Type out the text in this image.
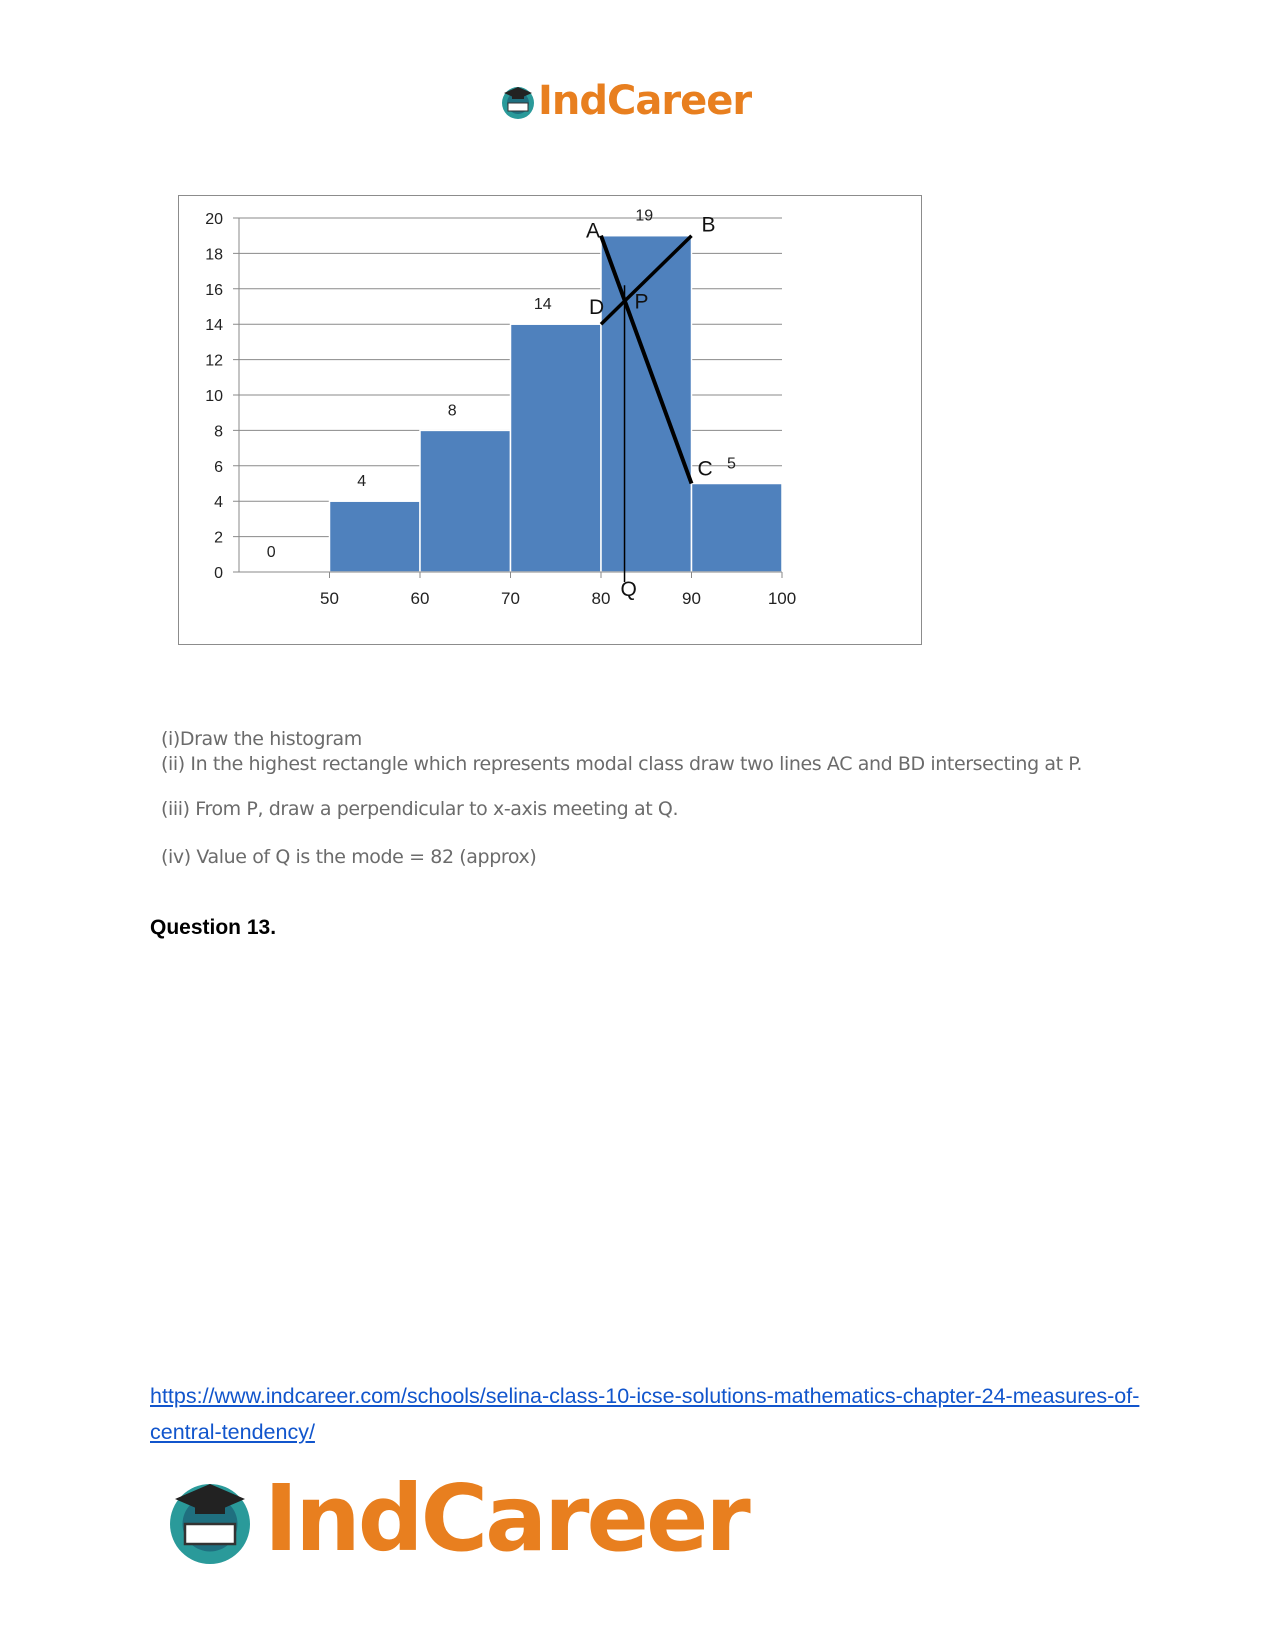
IndCareer
0
2
4
6
8
10
12
14
16
18
20
0
4
8
14
19
5
50	60	70	80	90	100
A	B
C
D P
Q
(i)Draw the histogram
(ii) In the highest rectangle which represents modal class draw two lines AC and BD intersecting at P.
(iii) From P, draw a perpendicular to x-axis meeting at Q.
(iv) Value of Q is the mode = 82 (approx)
Question 13.
https://www.indcareer.com/schools/selina-class-10-icse-solutions-mathematics-chapter-24-measures-of-central-tendency/
IndCareer
